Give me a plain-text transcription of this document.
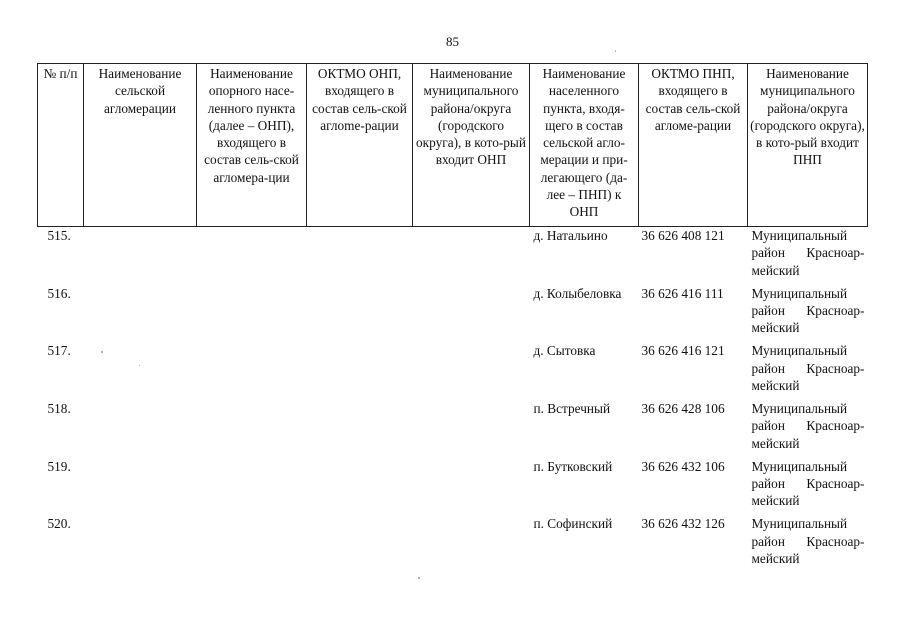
85
№ п/п	Наименование сельской агломерации	Наименование опорного насе-ленного пункта (далее – ОНП), входящего в состав сель-ской агломера-ции	ОКТМО ОНП, входящего в состав сель-ской аглome-рации	Наименование муниципального района/округа (городского округа), в кото-рый входит ОНП	Наименование населенного пункта, входя-щего в состав сельской агло-мерации и при-легающего (да-лее – ПНП) к ОНП	ОКТМО ПНП, входящего в состав сель-ской агломе-рации	Наименование муниципального района/округа (городского округа), в кото-рый входит ПНП
515.					д. Натальино	36 626 408 121	Муниципальный район Красноар-мейский
516.					д. Колыбеловка	36 626 416 111	Муниципальный район Красноар-мейский
517.					д. Сытовка	36 626 416 121	Муниципальный район Красноар-мейский
518.					п. Встречный	36 626 428 106	Муниципальный район Красноар-мейский
519.					п. Бутковский	36 626 432 106	Муниципальный район Красноар-мейский
520.					п. Софинский	36 626 432 126	Муниципальный район Красноар-мейский
